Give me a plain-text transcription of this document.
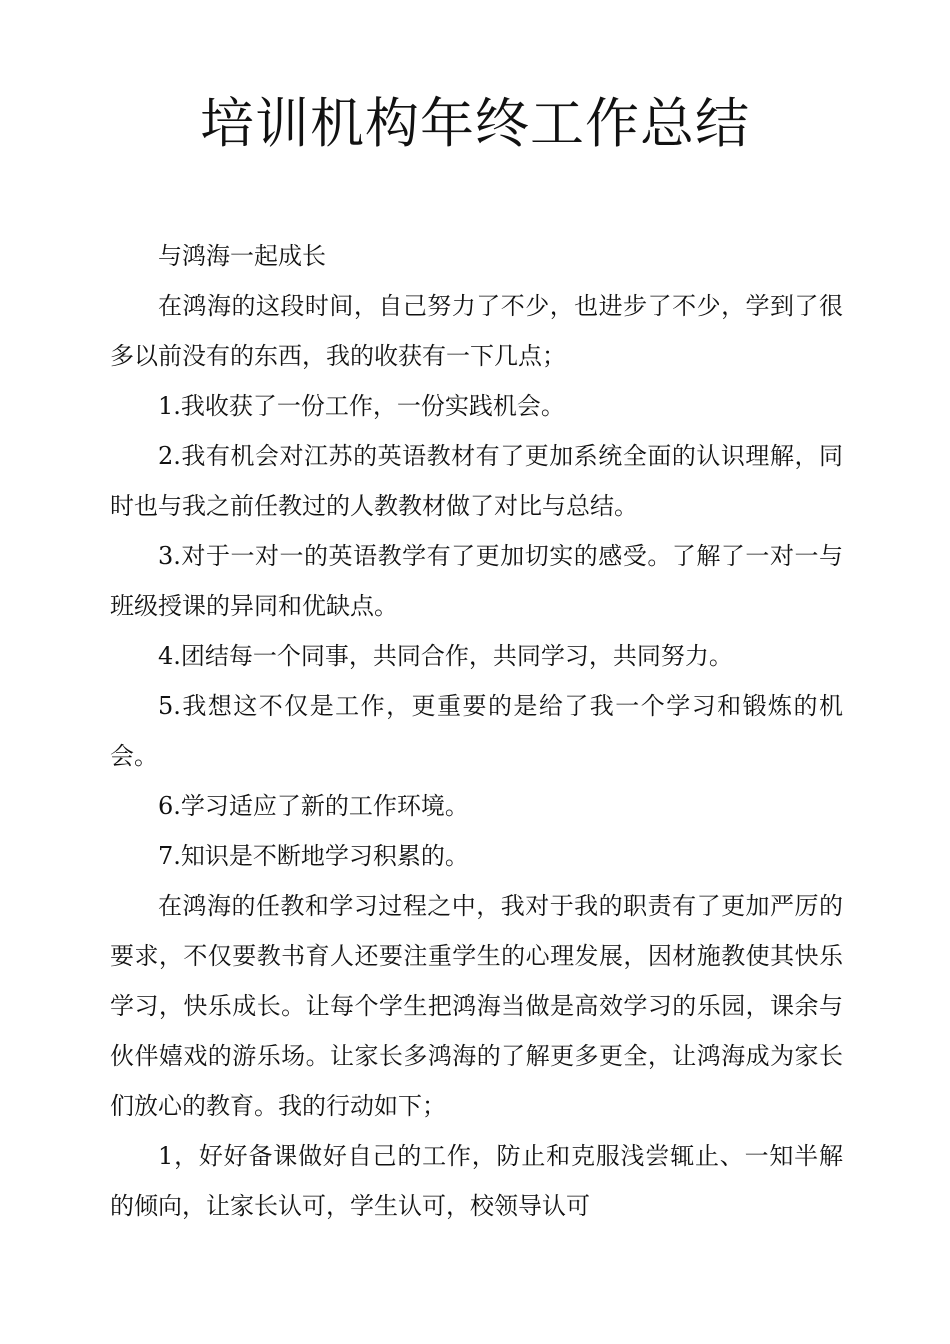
培训机构年终工作总结

与鸿海一起成长

在鸿海的这段时间，自己努力了不少，也进步了不少，学到了很多以前没有的东西，我的收获有一下几点；

1.我收获了一份工作，一份实践机会。

2.我有机会对江苏的英语教材有了更加系统全面的认识理解，同时也与我之前任教过的人教教材做了对比与总结。

3.对于一对一的英语教学有了更加切实的感受。了解了一对一与班级授课的异同和优缺点。

4.团结每一个同事，共同合作，共同学习，共同努力。

5.我想这不仅是工作，更重要的是给了我一个学习和锻炼的机会。

6.学习适应了新的工作环境。

7.知识是不断地学习积累的。

在鸿海的任教和学习过程之中，我对于我的职责有了更加严厉的要求，不仅要教书育人还要注重学生的心理发展，因材施教使其快乐学习，快乐成长。让每个学生把鸿海当做是高效学习的乐园，课余与伙伴嬉戏的游乐场。让家长多鸿海的了解更多更全，让鸿海成为家长们放心的教育。我的行动如下；

1，好好备课做好自己的工作，防止和克服浅尝辄止、一知半解的倾向，让家长认可，学生认可，校领导认可
